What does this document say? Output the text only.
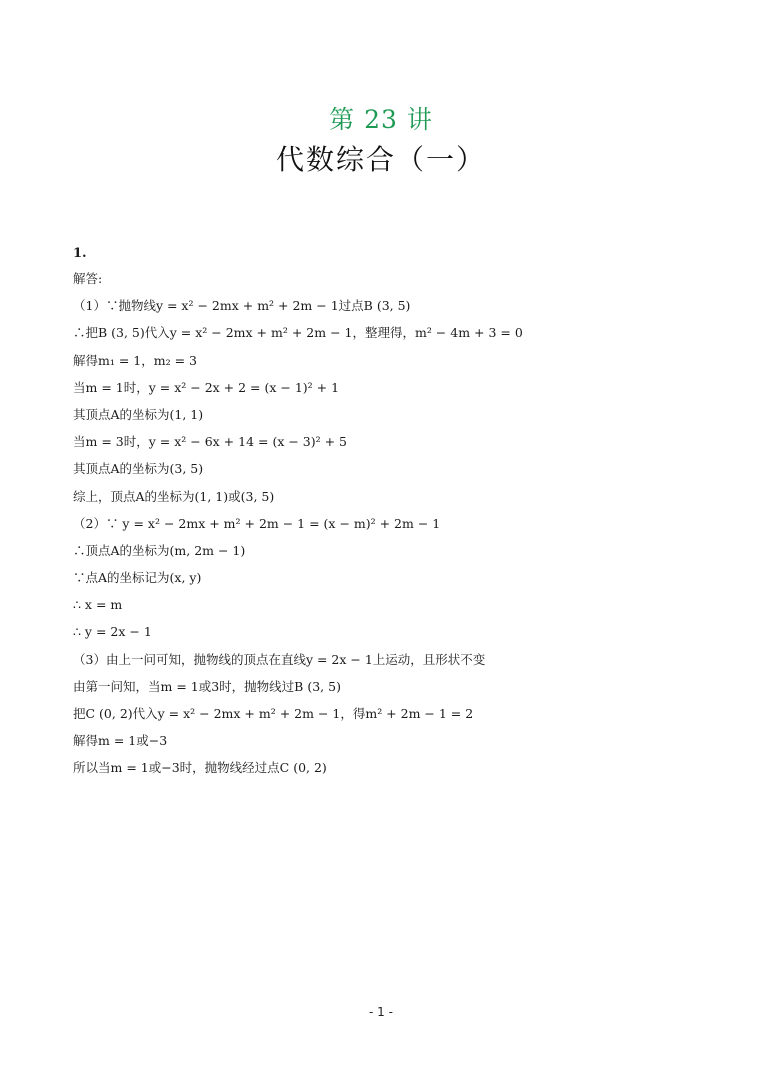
第 23 讲
代数综合（一）
1.
解答:
（1）∵抛物线y = x² − 2mx + m² + 2m − 1过点B (3, 5)
∴把B (3, 5)代入y = x² − 2mx + m² + 2m − 1，整理得，m² − 4m + 3 = 0
解得m₁ = 1，m₂ = 3
当m = 1时，y = x² − 2x + 2 = (x − 1)² + 1
其顶点A的坐标为(1, 1)
当m = 3时，y = x² − 6x + 14 = (x − 3)² + 5
其顶点A的坐标为(3, 5)
综上，顶点A的坐标为(1, 1)或(3, 5)
（2）∵ y = x² − 2mx + m² + 2m − 1 = (x − m)² + 2m − 1
∴顶点A的坐标为(m, 2m − 1)
∵点A的坐标记为(x, y)
∴ x = m
∴ y = 2x − 1
（3）由上一问可知，抛物线的顶点在直线y = 2x − 1上运动，且形状不变
由第一问知，当m = 1或3时，抛物线过B (3, 5)
把C (0, 2)代入y = x² − 2mx + m² + 2m − 1，得m² + 2m − 1 = 2
解得m = 1或−3
所以当m = 1或−3时，抛物线经过点C (0, 2)
- 1 -
